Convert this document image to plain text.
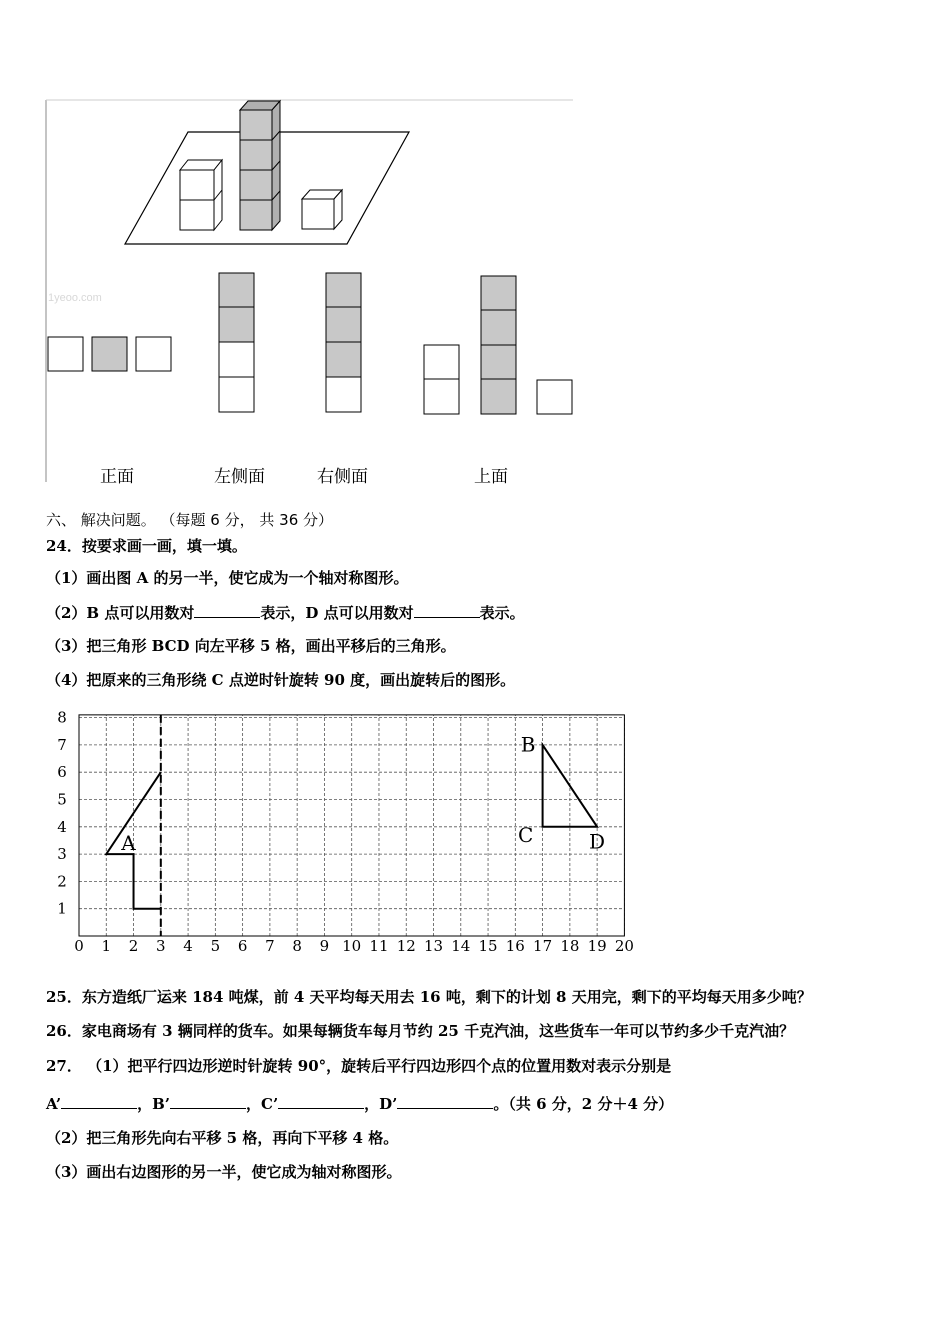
1yeoo.com
正面	左侧面	右侧面	上面
六、 解决问题。 （每题 6 分， 共 36 分）
24．按要求画一画，填一填。
（1）画出图 A 的另一半，使它成为一个轴对称图形。
（2）B 点可以用数对	表示，D 点可以用数对	表示。
（3）把三角形 BCD 向左平移 5 格，画出平移后的三角形。
（4）把原来的三角形绕 C 点逆时针旋转 90 度，画出旋转后的图形。
0 1 2 3 4 5 6 7 8 9 10 11 12 13 14 15 16 17 18 19 20
1
2
3
4
5
6
7
8
A
B
C	D
25．东方造纸厂运来 184 吨煤，前 4 天平均每天用去 16 吨，剩下的计划 8 天用完，剩下的平均每天用多少吨？
26．家电商场有 3 辆同样的货车。如果每辆货车每月节约 25 千克汽油，这些货车一年可以节约多少千克汽油？
27． （1）把平行四边形逆时针旋转 90°，旋转后平行四边形四个点的位置用数对表示分别是
A’	，B’	，C’	，D’	。（共 6 分，2 分＋4 分）
（2）把三角形先向右平移 5 格，再向下平移 4 格。
（3）画出右边图形的另一半，使它成为轴对称图形。
